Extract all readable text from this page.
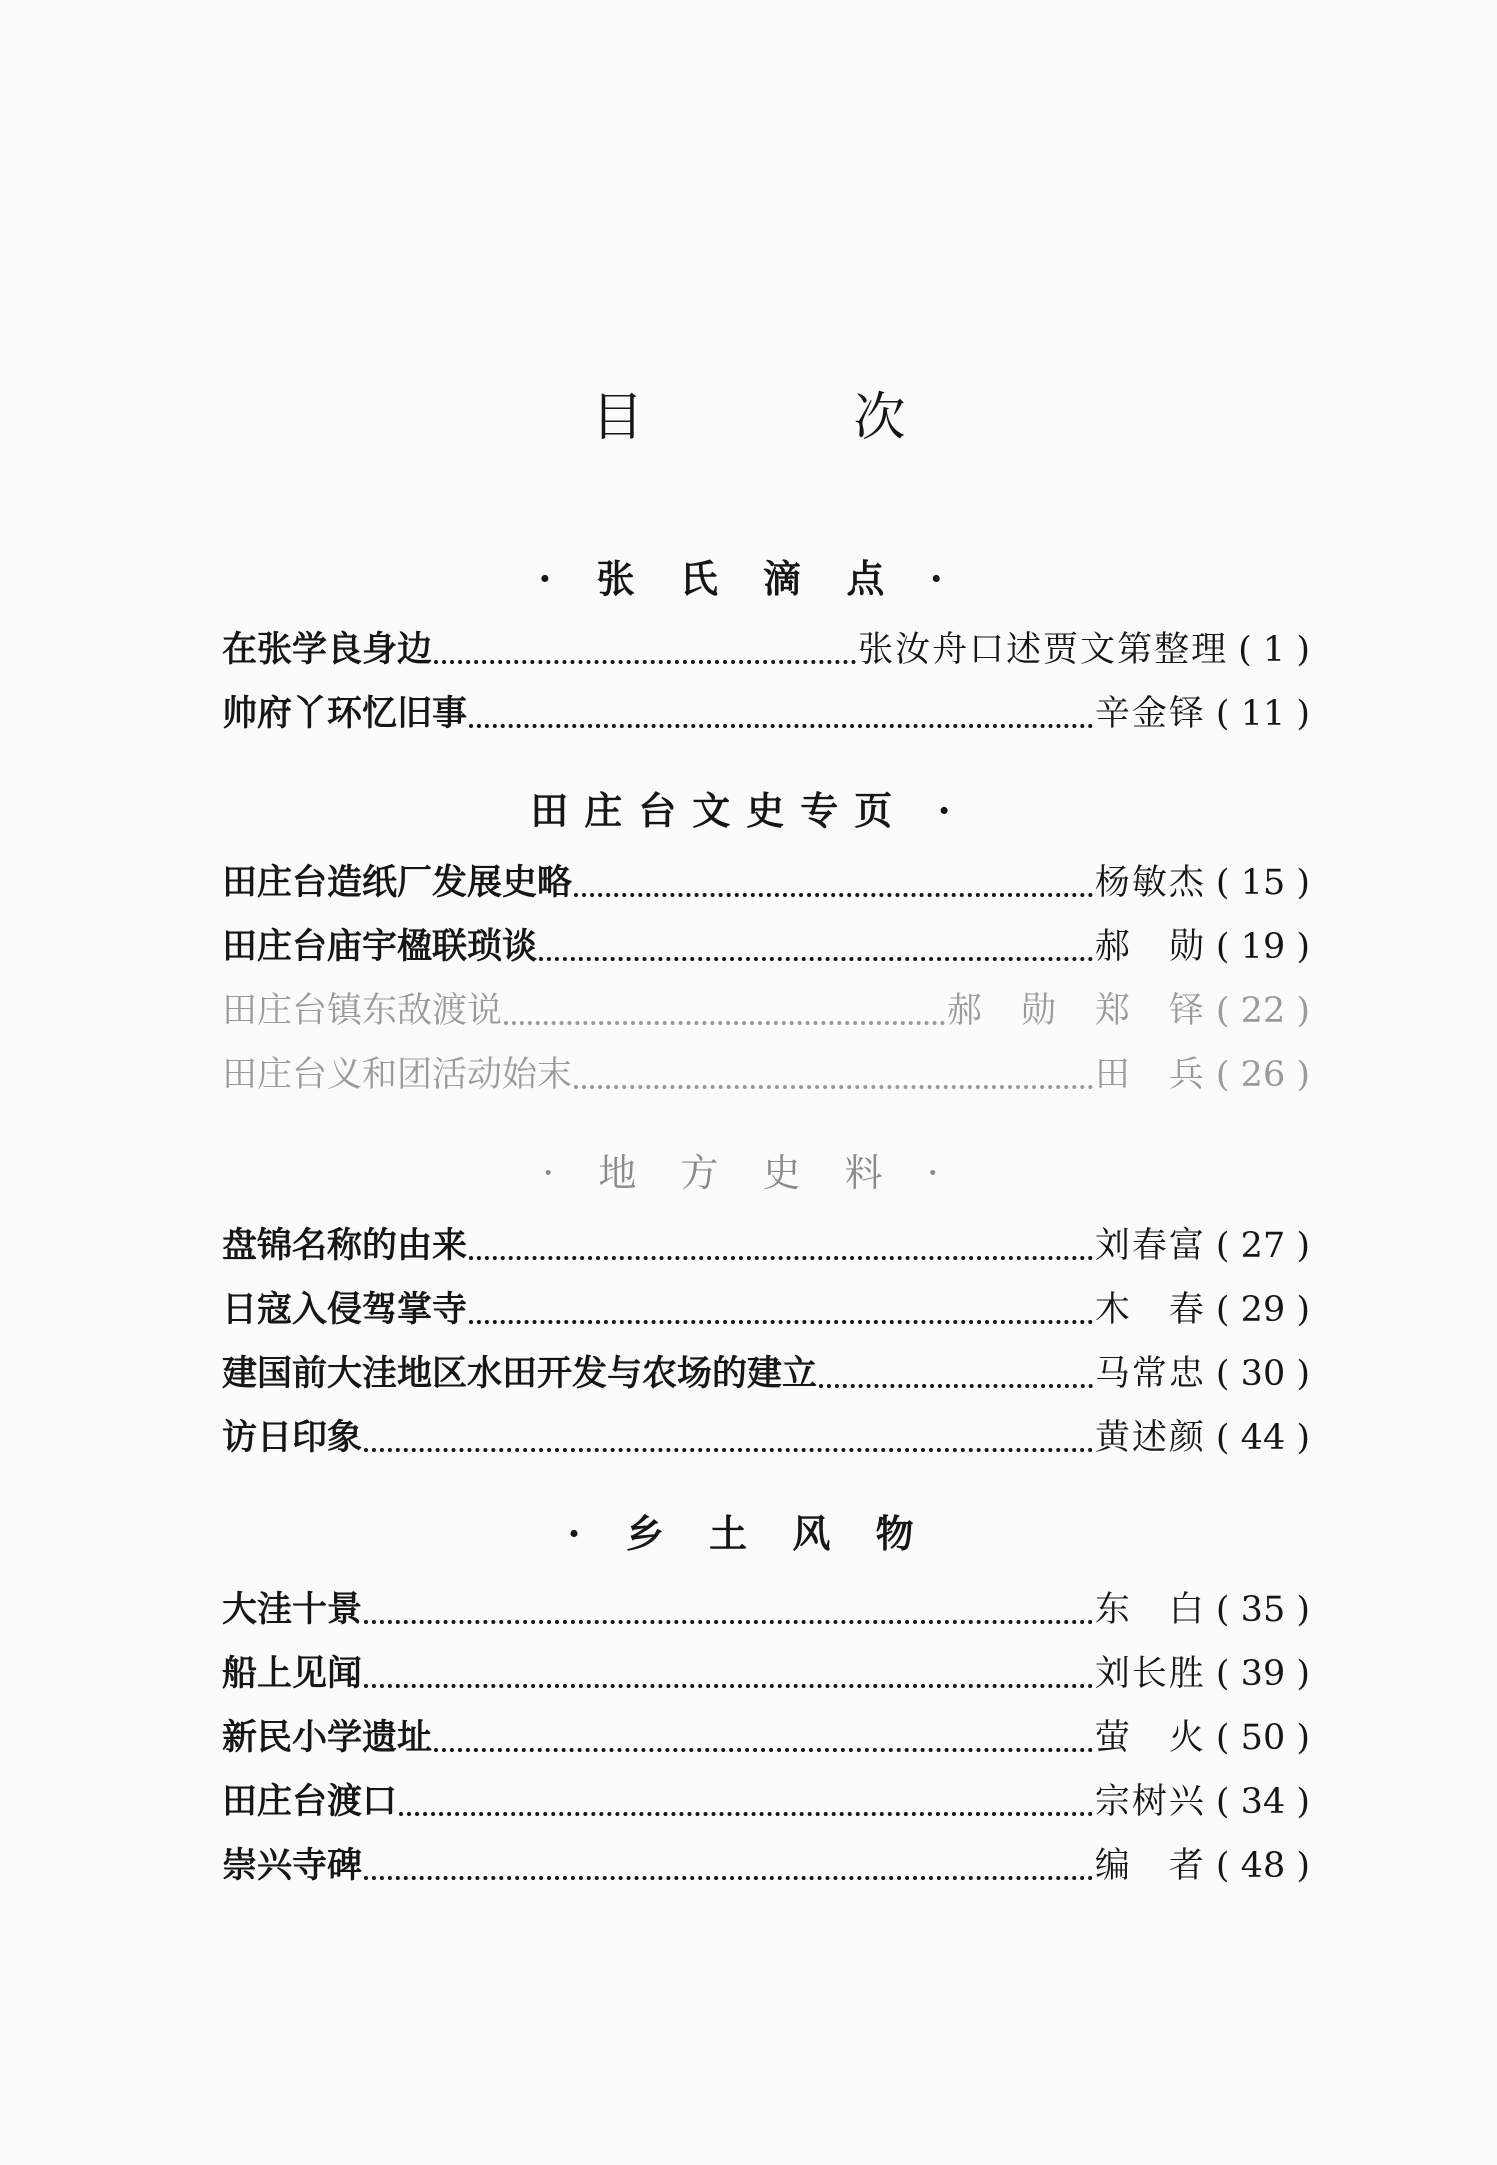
目	次
· 张 氏 滴 点 ·
在张学良身边	张汝舟口述贾文第整理 ( 1 )
帅府丫环忆旧事	辛金铎 ( 11 )
田庄台文史专页 ·
田庄台造纸厂发展史略	杨敏杰 ( 15 )
田庄台庙宇楹联琐谈	郝　勋 ( 19 )
田庄台镇东敌渡说	郝　勋　郑　铎 ( 22 )
田庄台义和团活动始末	田　兵 ( 26 )
· 地 方 史 料 ·
盘锦名称的由来	刘春富 ( 27 )
日寇入侵驾掌寺	木　春 ( 29 )
建国前大洼地区水田开发与农场的建立	马常忠 ( 30 )
访日印象	黄述颜 ( 44 )
· 乡 土 风 物
大洼十景	东　白 ( 35 )
船上见闻	刘长胜 ( 39 )
新民小学遗址	萤　火 ( 50 )
田庄台渡口	宗树兴 ( 34 )
崇兴寺碑	编　者 ( 48 )
